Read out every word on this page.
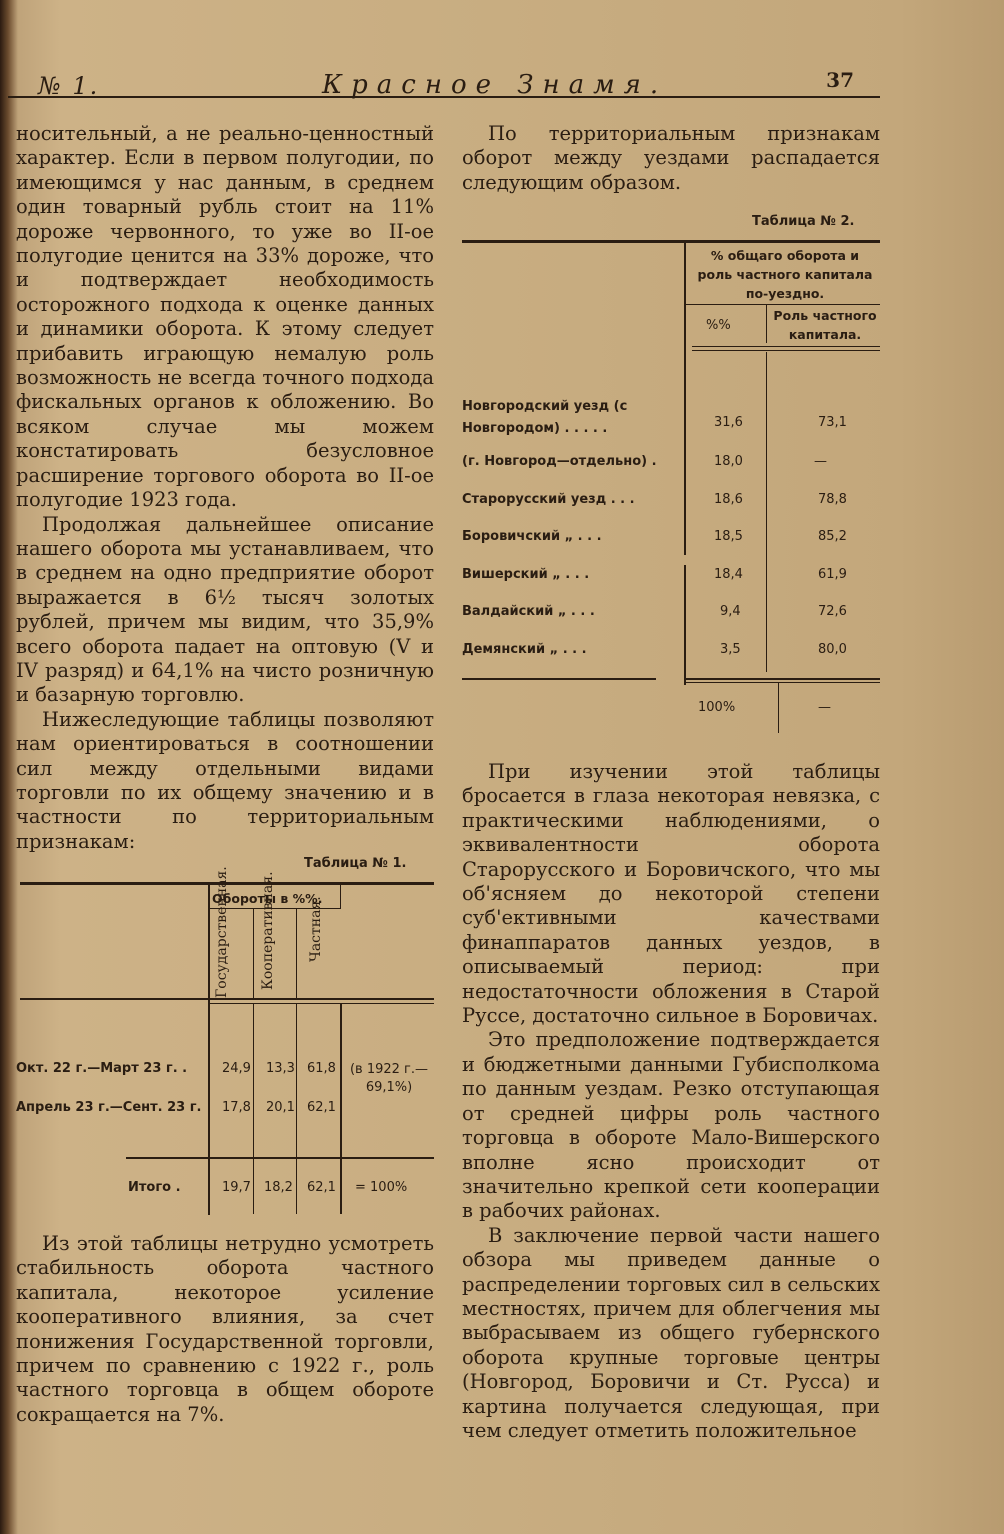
№ 1.	Красное Знамя.	37

носительный, а не реально-ценностный характер. Если в первом полугодии, по имеющимся у нас данным, в среднем один товарный рубль стоит на 11% дороже червонного, то уже во II-ое полугодие ценится на 33% дороже, что и подтверждает необходимость осторожного подхода к оценке данных и динамики оборота. К этому следует прибавить играющую немалую роль возможность не всегда точного подхода фискальных органов к обложению. Во всяком случае мы можем констатировать безусловное расширение торгового оборота во II-ое полугодие 1923 года.

Продолжая дальнейшее описание нашего оборота мы устанавливаем, что в среднем на одно предприятие оборот выражается в 6½ тысяч золотых рублей, причем мы видим, что 35,9% всего оборота падает на оптовую (V и IV разряд) и 64,1% на чисто розничную и базарную торговлю.

Нижеследующие таблицы позволяют нам ориентироваться в соотношении сил между отдельными видами торговли по их общему значению и в частности по территориальным признакам:

Таблица № 1.
Обороты в %%.
Государственная. Кооперативная. Частная.
Окт. 22 г.—Март 23 г. .	24,9 13,3 61,8	(в 1922 г.— 69,1%)
Апрель 23 г.—Сент. 23 г. 17,8 20,1 62,1
Итого .	19,7 18,2 62,1 = 100%

Из этой таблицы нетрудно усмотреть стабильность оборота частного капитала, некоторое усиление кооперативного влияния, за счет понижения Государственной торговли, причем по сравнению с 1922 г., роль частного торговца в общем обороте сокращается на 7%.

По территориальным признакам оборот между уездами распадается следующим образом.

Таблица № 2.
% общаго оборота и роль частного капитала по-уездно.
%%
Роль частного капитала.
Новгородский уезд (с Новгородом) . . . . .	31,6	73,1
(г. Новгород—отдельно) .	18,0	—
Старорусский уезд . . .	18,6	78,8
Боровичский „ . . .	18,5	85,2
Вишерский „ . . .	18,4	61,9
Валдайский „ . . .	9,4	72,6
Демянский „ . . .	3,5	80,0
100%	—

При изучении этой таблицы бросается в глаза некоторая невязка, с практическими наблюдениями, о эквивалентности оборота Старорусского и Боровичского, что мы об'ясняем до некоторой степени суб'ективными качествами финаппаратов данных уездов, в описываемый период: при недостаточности обложения в Старой Руссе, достаточно сильное в Боровичах.

Это предположение подтверждается и бюджетными данными Губисполкома по данным уездам. Резко отступающая от средней цифры роль частного торговца в обороте Мало-Вишерского вполне ясно происходит от значительно крепкой сети кооперации в рабочих районах.

В заключение первой части нашего обзора мы приведем данные о распределении торговых сил в сельских местностях, причем для облегчения мы выбрасываем из общего губернского оборота крупные торговые центры (Новгород, Боровичи и Ст. Русса) и картина получается следующая, при чем следует отметить положительное
